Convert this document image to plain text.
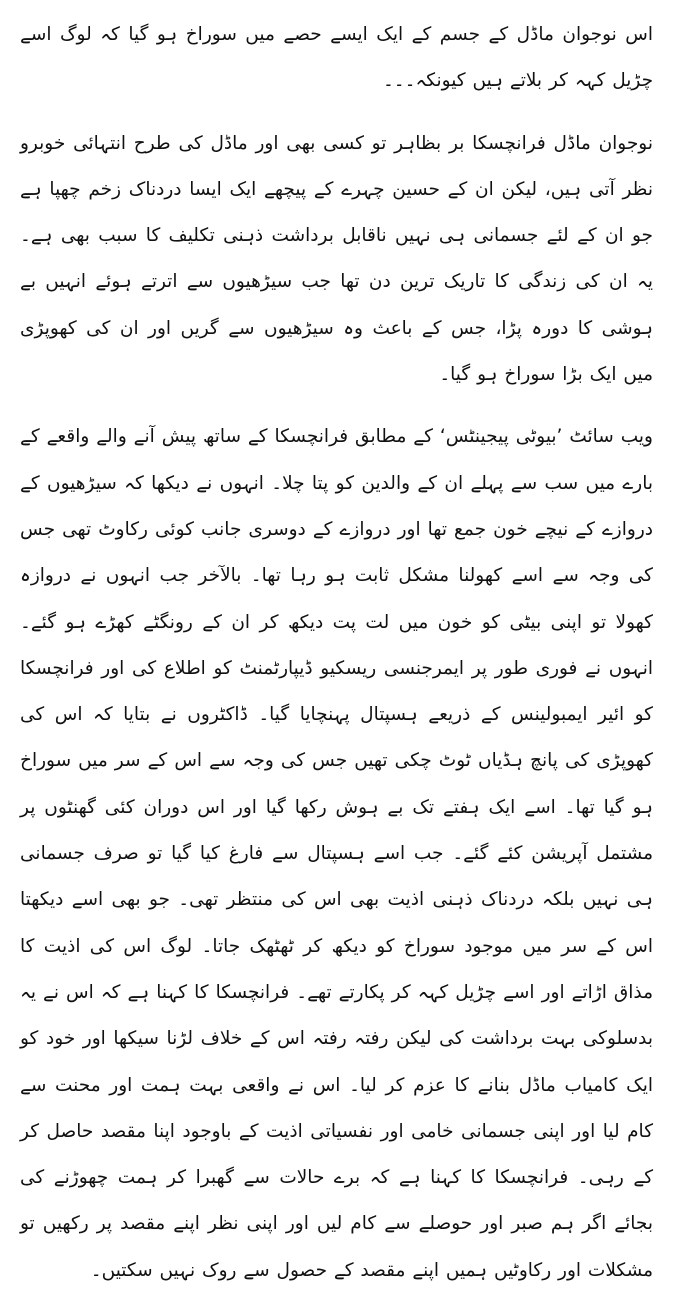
اس نوجوان ماڈل کے جسم کے ایک ایسے حصے میں سوراخ ہو گیا کہ لوگ اسے چڑیل کہہ کر بلاتے ہیں کیونکہ۔۔۔

نوجوان ماڈل فرانچسکا بر بظاہر تو کسی بھی اور ماڈل کی طرح انتہائی خوبرو نظر آتی ہیں، لیکن ان کے حسین چہرے کے پیچھے ایک ایسا دردناک زخم چھپا ہے جو ان کے لئے جسمانی ہی نہیں ناقابل برداشت ذہنی تکلیف کا سبب بھی ہے۔ یہ ان کی زندگی کا تاریک ترین دن تھا جب سیڑھیوں سے اترتے ہوئے انہیں بے ہوشی کا دورہ پڑا، جس کے باعث وہ سیڑھیوں سے گریں اور ان کی کھوپڑی میں ایک بڑا سوراخ ہو گیا۔

ویب سائٹ ’بیوٹی پیجینٹس‘ کے مطابق فرانچسکا کے ساتھ پیش آنے والے واقعے کے بارے میں سب سے پہلے ان کے والدین کو پتا چلا۔ انہوں نے دیکھا کہ سیڑھیوں کے دروازے کے نیچے خون جمع تھا اور دروازے کے دوسری جانب کوئی رکاوٹ تھی جس کی وجہ سے اسے کھولنا مشکل ثابت ہو رہا تھا۔ بالآخر جب انہوں نے دروازہ کھولا تو اپنی بیٹی کو خون میں لت پت دیکھ کر ان کے رونگٹے کھڑے ہو گئے۔ انہوں نے فوری طور پر ایمرجنسی ریسکیو ڈیپارٹمنٹ کو اطلاع کی اور فرانچسکا کو ائیر ایمبولینس کے ذریعے ہسپتال پہنچایا گیا۔ ڈاکٹروں نے بتایا کہ اس کی کھوپڑی کی پانچ ہڈیاں ٹوٹ چکی تھیں جس کی وجہ سے اس کے سر میں سوراخ ہو گیا تھا۔ اسے ایک ہفتے تک بے ہوش رکھا گیا اور اس دوران کئی گھنٹوں پر مشتمل آپریشن کئے گئے۔ جب اسے ہسپتال سے فارغ کیا گیا تو صرف جسمانی ہی نہیں بلکہ دردناک ذہنی اذیت بھی اس کی منتظر تھی۔ جو بھی اسے دیکھتا اس کے سر میں موجود سوراخ کو دیکھ کر ٹھٹھک جاتا۔ لوگ اس کی اذیت کا مذاق اڑاتے اور اسے چڑیل کہہ کر پکارتے تھے۔ فرانچسکا کا کہنا ہے کہ اس نے یہ بدسلوکی بہت برداشت کی لیکن رفتہ رفتہ اس کے خلاف لڑنا سیکھا اور خود کو ایک کامیاب ماڈل بنانے کا عزم کر لیا۔ اس نے واقعی بہت ہمت اور محنت سے کام لیا اور اپنی جسمانی خامی اور نفسیاتی اذیت کے باوجود اپنا مقصد حاصل کر کے رہی۔ فرانچسکا کا کہنا ہے کہ برے حالات سے گھبرا کر ہمت چھوڑنے کی بجائے اگر ہم صبر اور حوصلے سے کام لیں اور اپنی نظر اپنے مقصد پر رکھیں تو مشکلات اور رکاوٹیں ہمیں اپنے مقصد کے حصول سے روک نہیں سکتیں۔
